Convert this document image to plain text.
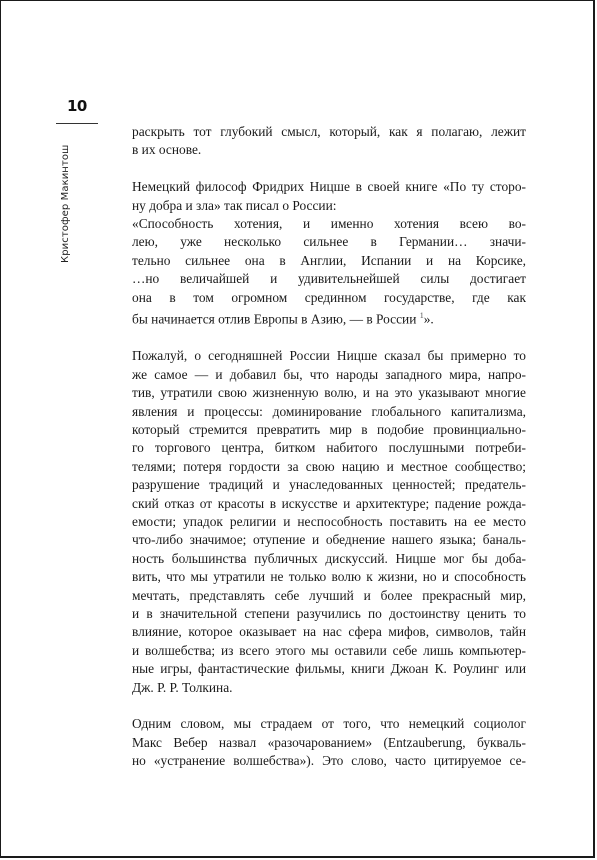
10
Кристофер Макинтош

раскрыть тот глубокий смысл, который, как я полагаю, лежит
в их основе.

Немецкий философ Фридрих Ницше в своей книге «По ту сторо-
ну добра и зла» так писал о России:

«Способность хотения, и именно хотения всею во-
лею, уже несколько сильнее в Германии… значи-
тельно сильнее она в Англии, Испании и на Корсике,
…но величайшей и удивительнейшей силы достигает
она в том огромном срединном государстве, где как
бы начинается отлив Европы в Азию, — в России $^1$».

Пожалуй, о сегодняшней России Ницше сказал бы примерно то
же самое — и добавил бы, что народы западного мира, напро-
тив, утратили свою жизненную волю, и на это указывают многие
явления и процессы: доминирование глобального капитализма,
который стремится превратить мир в подобие провинциально-
го торгового центра, битком набитого послушными потреби-
телями; потеря гордости за свою нацию и местное сообщество;
разрушение традиций и унаследованных ценностей; предатель-
ский отказ от красоты в искусстве и архитектуре; падение рожда-
емости; упадок религии и неспособность поставить на ее место
что-либо значимое; отупение и обеднение нашего языка; баналь-
ность большинства публичных дискуссий. Ницше мог бы доба-
вить, что мы утратили не только волю к жизни, но и способность
мечтать, представлять себе лучший и более прекрасный мир,
и в значительной степени разучились по достоинству ценить то
влияние, которое оказывает на нас сфера мифов, символов, тайн
и волшебства; из всего этого мы оставили себе лишь компьютер-
ные игры, фантастические фильмы, книги Джоан К. Роулинг или
Дж. Р. Р. Толкина.

Одним словом, мы страдаем от того, что немецкий социолог
Макс Вебер назвал «разочарованием» (Entzauberung, букваль-
но «устранение волшебства»). Это слово, часто цитируемое се-
